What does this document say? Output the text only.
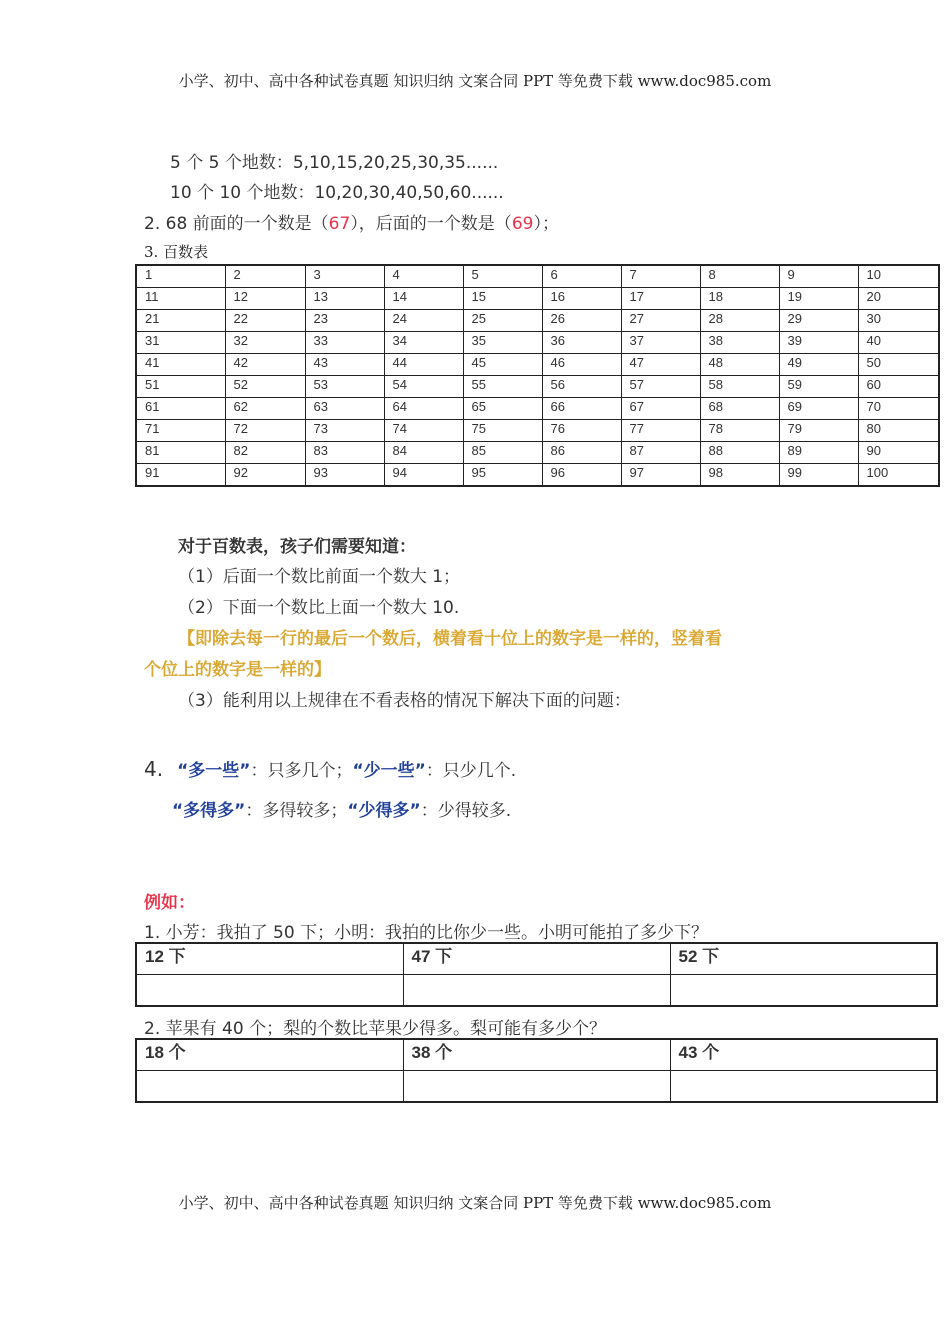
小学、初中、高中各种试卷真题 知识归纳 文案合同 PPT 等免费下载 www.doc985.com
5 个 5 个地数：5,10,15,20,25,30,35......
10 个 10 个地数：10,20,30,40,50,60......
2. 68 前面的一个数是（67），后面的一个数是（69）；
3. 百数表
1	2	3	4	5	6	7	8	9	10
11	12	13	14	15	16	17	18	19	20
21	22	23	24	25	26	27	28	29	30
31	32	33	34	35	36	37	38	39	40
41	42	43	44	45	46	47	48	49	50
51	52	53	54	55	56	57	58	59	60
61	62	63	64	65	66	67	68	69	70
71	72	73	74	75	76	77	78	79	80
81	82	83	84	85	86	87	88	89	90
91	92	93	94	95	96	97	98	99	100
对于百数表，孩子们需要知道：
（1）后面一个数比前面一个数大 1；
（2）下面一个数比上面一个数大 10.
【即除去每一行的最后一个数后，横着看十位上的数字是一样的，竖着看
个位上的数字是一样的】
（3）能利用以上规律在不看表格的情况下解决下面的问题：
4. “多一些”：只多几个；“少一些”：只少几个.
“多得多”：多得较多；“少得多”：少得较多.
例如：
1. 小芳：我拍了 50 下；小明：我拍的比你少一些。小明可能拍了多少下？
12 下	47 下	52 下

2. 苹果有 40 个；梨的个数比苹果少得多。梨可能有多少个？
18 个	38 个	43 个

小学、初中、高中各种试卷真题 知识归纳 文案合同 PPT 等免费下载 www.doc985.com
